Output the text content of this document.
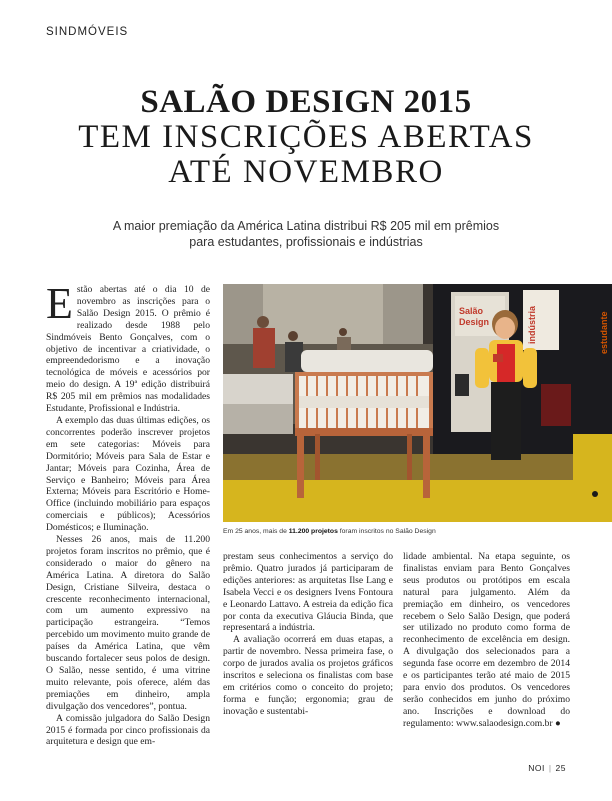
SINDMÓVEIS
SALÃO DESIGN 2015
TEM INSCRIÇÕES ABERTAS
ATÉ NOVEMBRO
A maior premiação da América Latina distribui R$ 205 mil em prêmios
para estudantes, profissionais e indústrias

Estão abertas até o dia 10 de novembro as inscrições para o Salão Design 2015. O prêmio é realizado desde 1988 pelo Sindmóveis Bento Gonçalves, com o objetivo de incentivar a criatividade, o empreendedorismo e a inovação tecnológica de móveis e acessórios por meio do design. A 19ª edição distribuirá R$ 205 mil em prêmios nas modalidades Estudante, Profissional e Indústria.

A exemplo das duas últimas edições, os concorrentes poderão inscrever projetos em sete categorias: Móveis para Dormitório; Móveis para Sala de Estar e Jantar; Móveis para Cozinha, Área de Serviço e Banheiro; Móveis para Área Externa; Móveis para Escritório e Home-Office (incluindo mobiliário para espaços comerciais e públicos); Acessórios Domésticos; e Iluminação.

Nesses 26 anos, mais de 11.200 projetos foram inscritos no prêmio, que é considerado o maior do gênero na América Latina. A diretora do Salão Design, Cristiane Silveira, destaca o crescente reconhecimento internacional, com um aumento expressivo na participação estrangeira. “Temos percebido um movimento muito grande de países da América Latina, que vêm buscando fortalecer seus polos de design. O Salão, nesse sentido, é uma vitrine muito relevante, pois oferece, além das premiações em dinheiro, ampla divulgação dos vencedores”, pontua.

A comissão julgadora do Salão Design 2015 é formada por cinco profissionais da arquitetura e design que em-

Salão
Design	indústria	estudante
Em 25 anos, mais de 11.200 projetos foram inscritos no Salão Design

prestam seus conhecimentos a serviço do prêmio. Quatro jurados já participaram de edições anteriores: as arquitetas Ilse Lang e Isabela Vecci e os designers Ivens Fontoura e Leonardo Lattavo. A estreia da edição fica por conta da executiva Gláucia Binda, que representará a indústria.

A avaliação ocorrerá em duas etapas, a partir de novembro. Nessa primeira fase, o corpo de jurados avalia os projetos gráficos inscritos e seleciona os finalistas com base em critérios como o conceito do projeto; forma e função; ergonomia; grau de inovação e sustentabi-

lidade ambiental. Na etapa seguinte, os finalistas enviam para Bento Gonçalves seus produtos ou protótipos em escala natural para julgamento. Além da premiação em dinheiro, os vencedores recebem o Selo Salão Design, que poderá ser utilizado no produto como forma de reconhecimento de excelência em design. A divulgação dos selecionados para a segunda fase ocorre em dezembro de 2014 e os participantes terão até maio de 2015 para envio dos produtos. Os vencedores serão conhecidos em junho do próximo ano. Inscrições e download do regulamento: www.salaodesign.com.br ●

NOI | 25
